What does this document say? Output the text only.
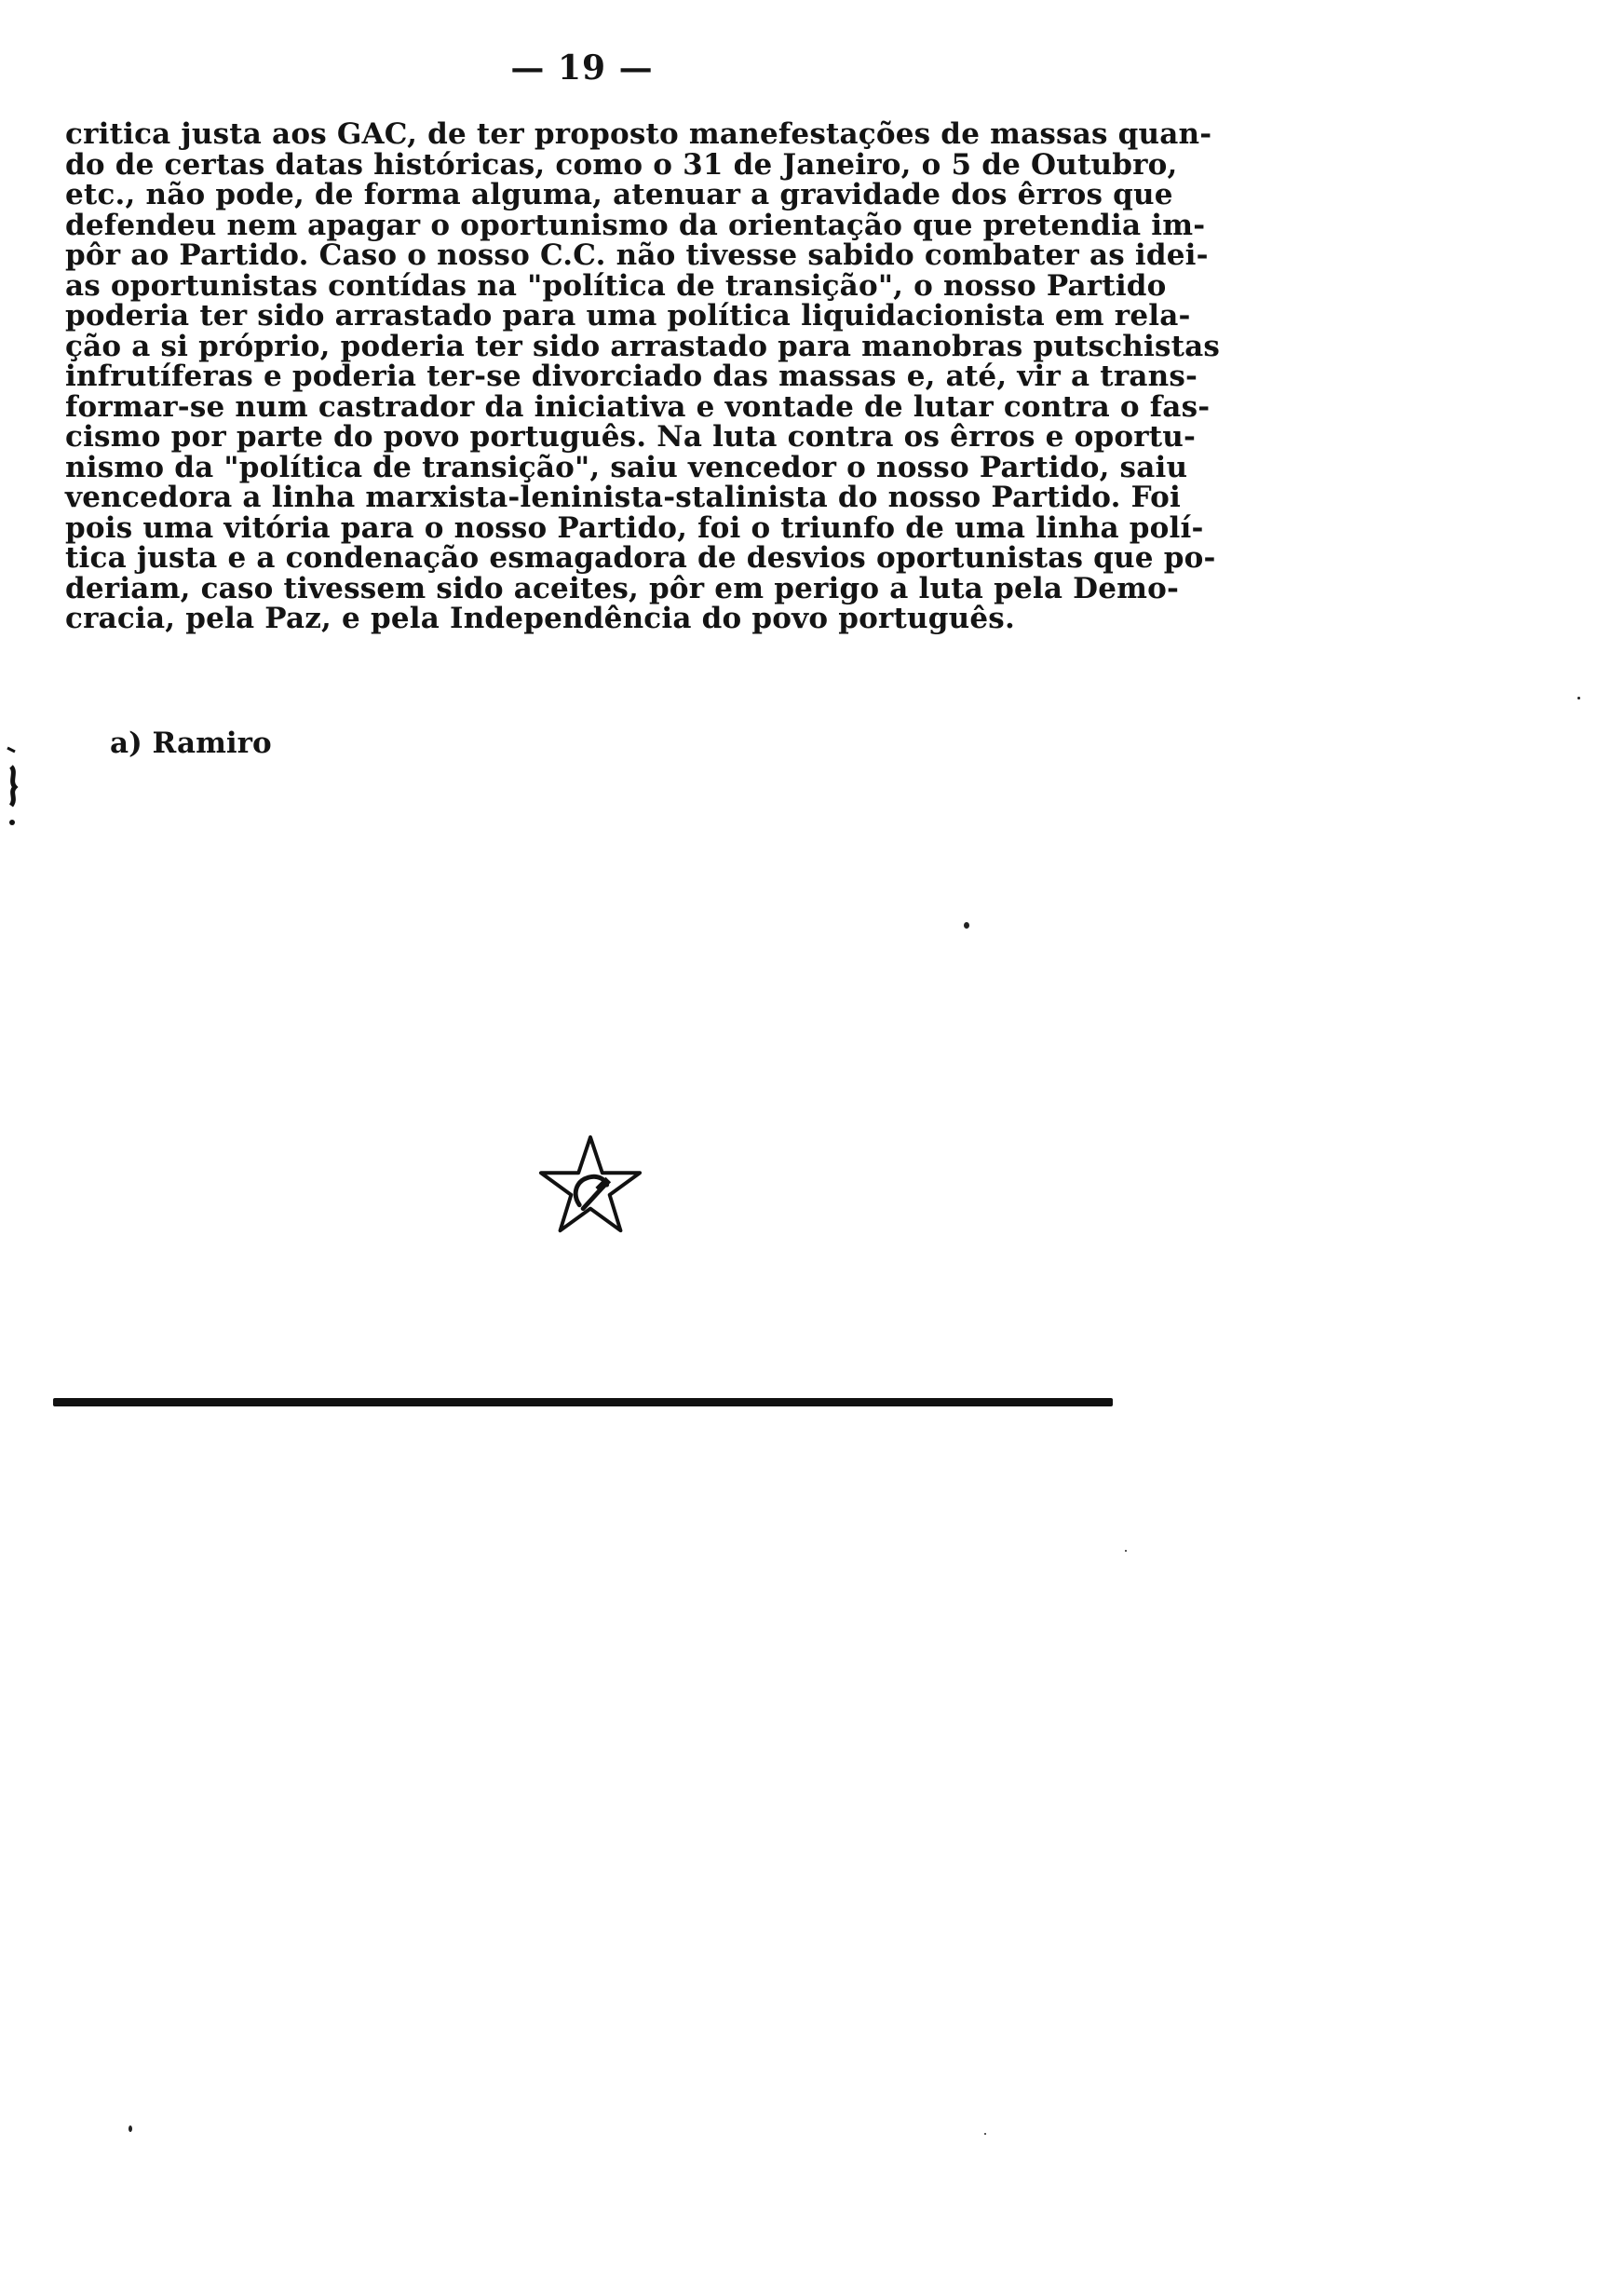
— 19 —
critica justa aos GAC, de ter proposto manefestações de massas quan-
do de certas datas históricas, como o 31 de Janeiro, o 5 de Outubro,
etc., não pode, de forma alguma, atenuar a gravidade dos êrros que
defendeu nem apagar o oportunismo da orientação que pretendia im-
pôr ao Partido. Caso o nosso C.C. não tivesse sabido combater as idei-
as oportunistas contídas na "política de transição", o nosso Partido
poderia ter sido arrastado para uma política liquidacionista em rela-
ção a si próprio, poderia ter sido arrastado para manobras putschistas
infrutíferas e poderia ter-se divorciado das massas e, até, vir a trans-
formar-se num castrador da iniciativa e vontade de lutar contra o fas-
cismo por parte do povo português. Na luta contra os êrros e oportu-
nismo da "política de transição", saiu vencedor o nosso Partido, saiu
vencedora a linha marxista-leninista-stalinista do nosso Partido. Foi
pois uma vitória para o nosso Partido, foi o triunfo de uma linha polí-
tica justa e a condenação esmagadora de desvios oportunistas que po-
deriam, caso tivessem sido aceites, pôr em perigo a luta pela Demo-
cracia, pela Paz, e pela Independência do povo português.
a) Ramiro
